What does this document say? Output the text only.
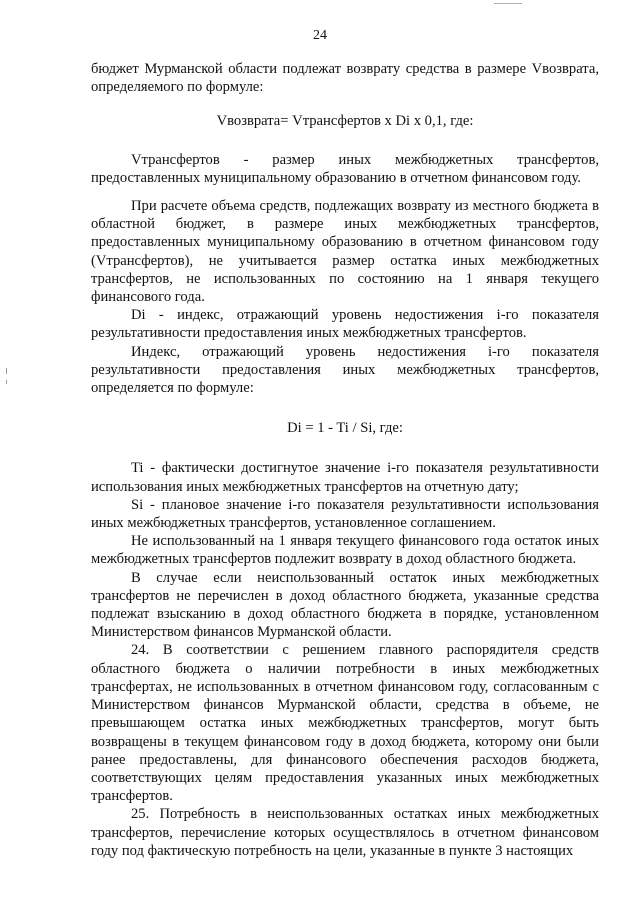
24

бюджет Мурманской области подлежат возврату средства в размере Vвозврата, определяемого по формуле:

Vвозврата= Vтрансфертов x Di x 0,1, где:

Vтрансфертов - размер иных межбюджетных трансфертов, предоставленных муниципальному образованию в отчетном финансовом году.

При расчете объема средств, подлежащих возврату из местного бюджета в областной бюджет, в размере иных межбюджетных трансфертов, предоставленных муниципальному образованию в отчетном финансовом году (Vтрансфертов), не учитывается размер остатка иных межбюджетных трансфертов, не использованных по состоянию на 1 января текущего финансового года.

Di - индекс, отражающий уровень недостижения i-го показателя результативности предоставления иных межбюджетных трансфертов.

Индекс, отражающий уровень недостижения i-го показателя результативности предоставления иных межбюджетных трансфертов, определяется по формуле:

Di = 1 - Ti / Si, где:

Ti - фактически достигнутое значение i-го показателя результативности использования иных межбюджетных трансфертов на отчетную дату;

Si - плановое значение i-го показателя результативности использования иных межбюджетных трансфертов, установленное соглашением.

Не использованный на 1 января текущего финансового года остаток иных межбюджетных трансфертов подлежит возврату в доход областного бюджета.

В случае если неиспользованный остаток иных межбюджетных трансфертов не перечислен в доход областного бюджета, указанные средства подлежат взысканию в доход областного бюджета в порядке, установленном Министерством финансов Мурманской области.

24. В соответствии с решением главного распорядителя средств областного бюджета о наличии потребности в иных межбюджетных трансфертах, не использованных в отчетном финансовом году, согласованным с Министерством финансов Мурманской области, средства в объеме, не превышающем остатка иных межбюджетных трансфертов, могут быть возвращены в текущем финансовом году в доход бюджета, которому они были ранее предоставлены, для финансового обеспечения расходов бюджета, соответствующих целям предоставления указанных иных межбюджетных трансфертов.

25. Потребность в неиспользованных остатках иных межбюджетных трансфертов, перечисление которых осуществлялось в отчетном финансовом году под фактическую потребность на цели, указанные в пункте 3 настоящих
